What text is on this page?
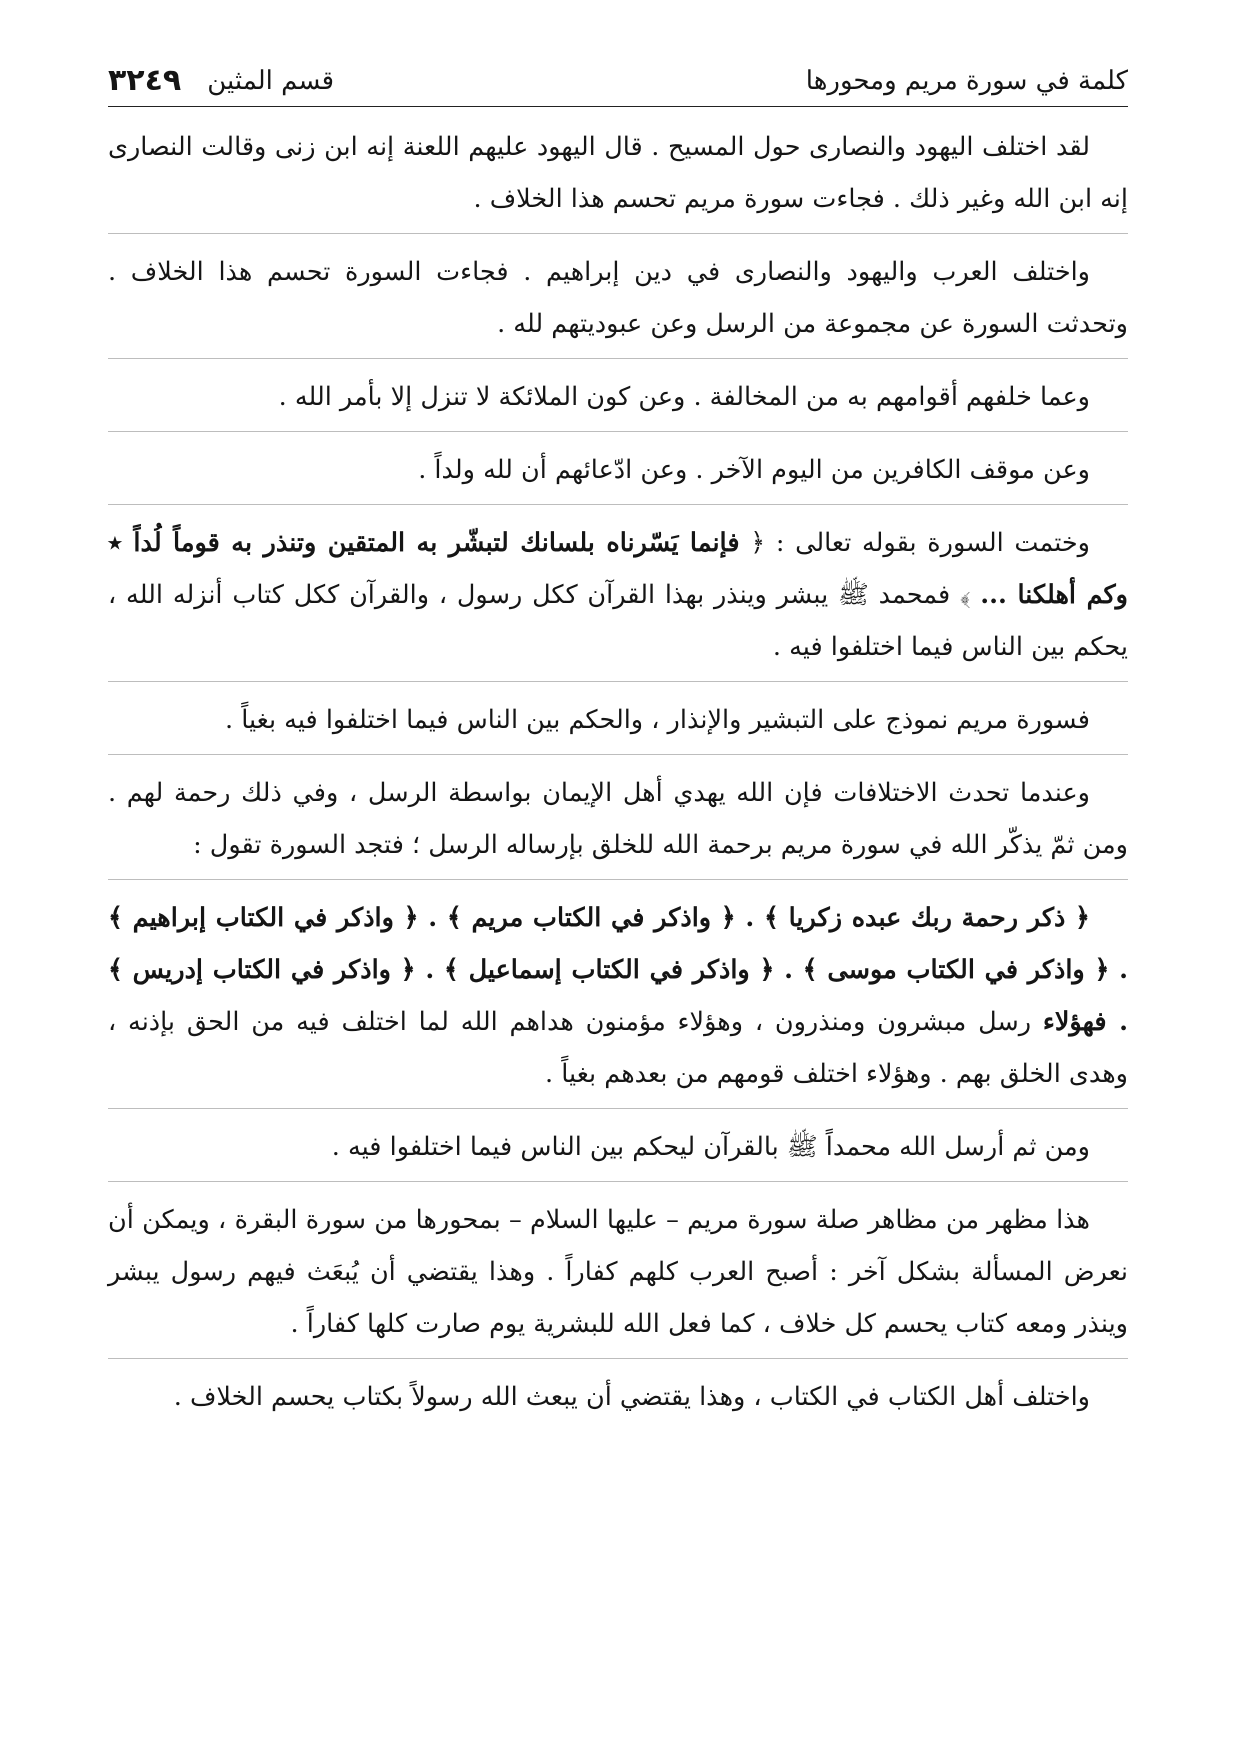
كلمة في سورة مريم ومحورها
قسم المثين
٣٢٤٩

لقد اختلف اليهود والنصارى حول المسيح . قال اليهود عليهم اللعنة إنه ابن زنى وقالت النصارى إنه ابن الله وغير ذلك . فجاءت سورة مريم تحسم هذا الخلاف .

واختلف العرب واليهود والنصارى في دين إبراهيم . فجاءت السورة تحسم هذا الخلاف . وتحدثت السورة عن مجموعة من الرسل وعن عبوديتهم لله .

وعما خلفهم أقوامهم به من المخالفة . وعن كون الملائكة لا تنزل إلا بأمر الله .

وعن موقف الكافرين من اليوم الآخر . وعن ادّعائهم أن لله ولداً .

وختمت السورة بقوله تعالى : ﴿ فإنما يَسّرناه بلسانك لتبشّر به المتقين وتنذر به قوماً لُداً ٭ وكم أهلكنا ... ﴾ فمحمد ﷺ يبشر وينذر بهذا القرآن ككل رسول ، والقرآن ككل كتاب أنزله الله ، يحكم بين الناس فيما اختلفوا فيه .

فسورة مريم نموذج على التبشير والإنذار ، والحكم بين الناس فيما اختلفوا فيه بغياً .

وعندما تحدث الاختلافات فإن الله يهدي أهل الإيمان بواسطة الرسل ، وفي ذلك رحمة لهم . ومن ثمّ يذكّر الله في سورة مريم برحمة الله للخلق بإرساله الرسل ؛ فتجد السورة تقول :

﴿ ذكر رحمة ربك عبده زكريا ﴾ . ﴿ واذكر في الكتاب مريم ﴾ . ﴿ واذكر في الكتاب إبراهيم ﴾ . ﴿ واذكر في الكتاب موسى ﴾ . ﴿ واذكر في الكتاب إسماعيل ﴾ . ﴿ واذكر في الكتاب إدريس ﴾ . فهؤلاء رسل مبشرون ومنذرون ، وهؤلاء مؤمنون هداهم الله لما اختلف فيه من الحق بإذنه ، وهدى الخلق بهم . وهؤلاء اختلف قومهم من بعدهم بغياً .

ومن ثم أرسل الله محمداً ﷺ بالقرآن ليحكم بين الناس فيما اختلفوا فيه .

هذا مظهر من مظاهر صلة سورة مريم – عليها السلام – بمحورها من سورة البقرة ، ويمكن أن نعرض المسألة بشكل آخر : أصبح العرب كلهم كفاراً . وهذا يقتضي أن يُبعَث فيهم رسول يبشر وينذر ومعه كتاب يحسم كل خلاف ، كما فعل الله للبشرية يوم صارت كلها كفاراً .

واختلف أهل الكتاب في الكتاب ، وهذا يقتضي أن يبعث الله رسولاً بكتاب يحسم الخلاف .
